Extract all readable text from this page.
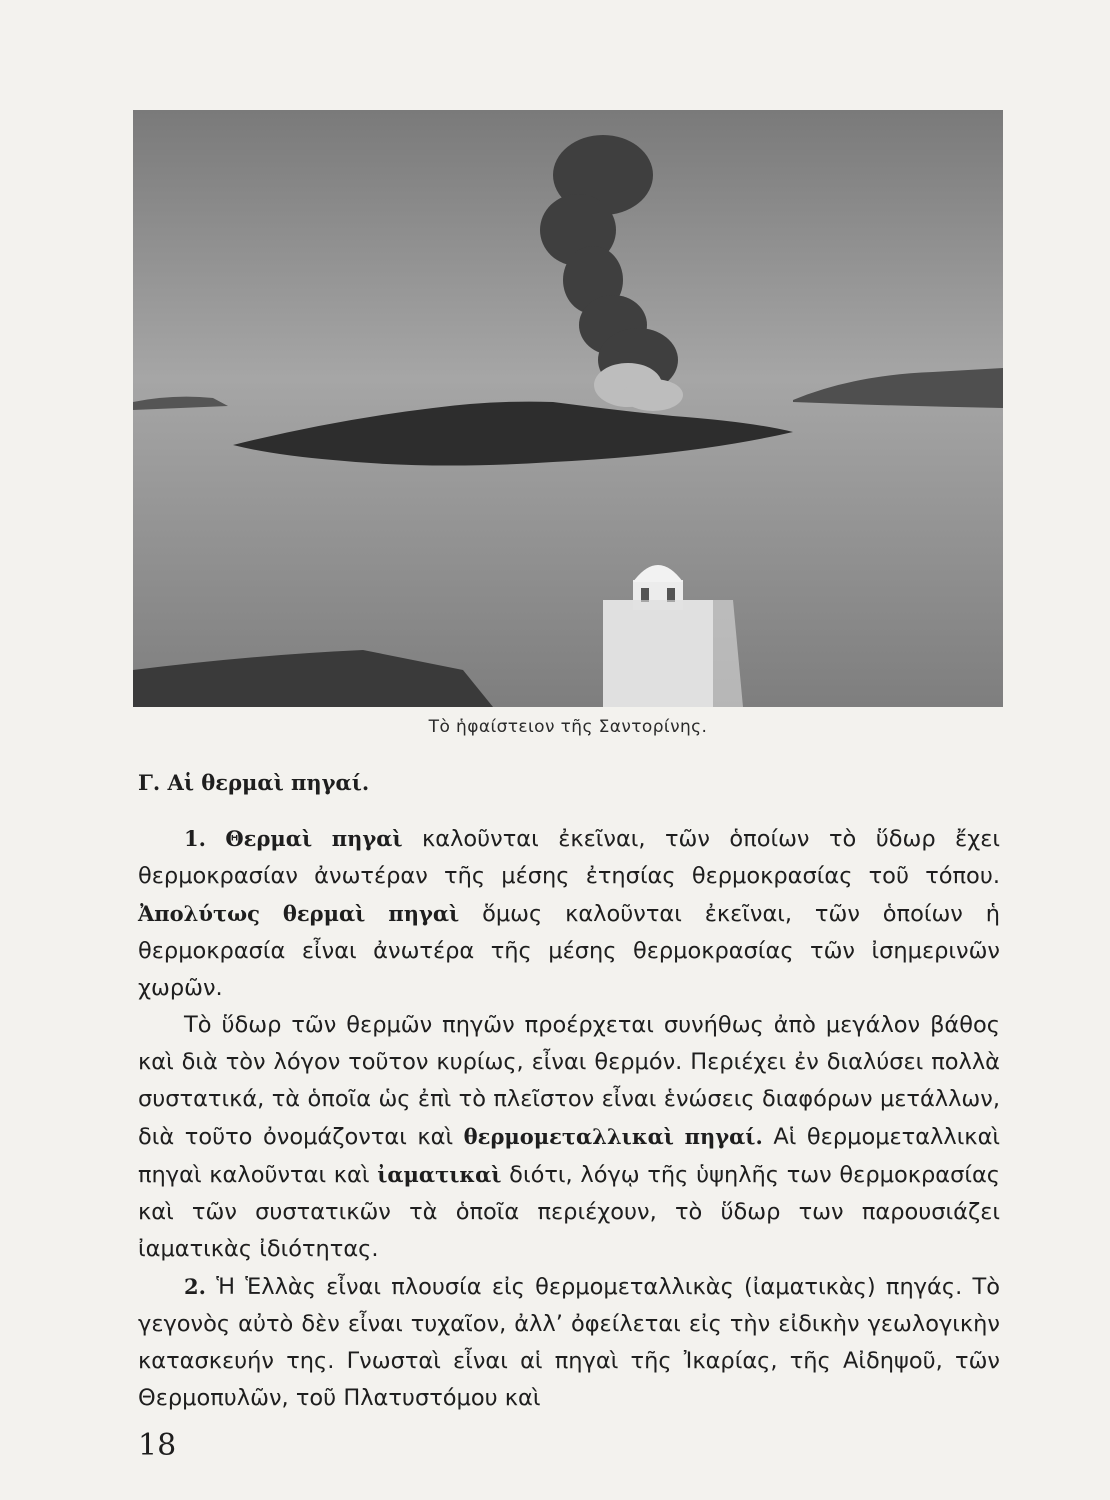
Τὸ ἡφαίστειον τῆς Σαντορίνης.
Γ. Αἱ θερμαὶ πηγαί.

1. Θερμαὶ πηγαὶ καλοῦνται ἐκεῖναι, τῶν ὁποίων τὸ ὕδωρ ἔχει θερμοκρασίαν ἀνωτέραν τῆς μέσης ἐτησίας θερμοκρασίας τοῦ τόπου. Ἀπολύτως θερμαὶ πηγαὶ ὅμως καλοῦνται ἐκεῖναι, τῶν ὁποίων ἡ θερμοκρασία εἶναι ἀνωτέρα τῆς μέσης θερμοκρασίας τῶν ἰσημερινῶν χωρῶν.

Τὸ ὕδωρ τῶν θερμῶν πηγῶν προέρχεται συνήθως ἀπὸ μεγάλον βάθος καὶ διὰ τὸν λόγον τοῦτον κυρίως, εἶναι θερμόν. Περιέχει ἐν διαλύσει πολλὰ συστατικά, τὰ ὁποῖα ὡς ἐπὶ τὸ πλεῖστον εἶναι ἑνώσεις διαφόρων μετάλλων, διὰ τοῦτο ὀνομάζονται καὶ θερμομεταλλικαὶ πηγαί. Αἱ θερμομεταλλικαὶ πηγαὶ καλοῦνται καὶ ἰαματικαὶ διότι, λόγῳ τῆς ὑψηλῆς των θερμοκρασίας καὶ τῶν συστατικῶν τὰ ὁποῖα περιέχουν, τὸ ὕδωρ των παρουσιάζει ἰαματικὰς ἰδιότητας.

2. Ἡ Ἑλλὰς εἶναι πλουσία εἰς θερμομεταλλικὰς (ἰαματικὰς) πηγάς. Τὸ γεγονὸς αὐτὸ δὲν εἶναι τυχαῖον, ἀλλ’ ὀφείλεται εἰς τὴν εἰδικὴν γεωλογικὴν κατασκευήν της. Γνωσταὶ εἶναι αἱ πηγαὶ τῆς Ἰκαρίας, τῆς Αἰδηψοῦ, τῶν Θερμοπυλῶν, τοῦ Πλατυστόμου καὶ

18
